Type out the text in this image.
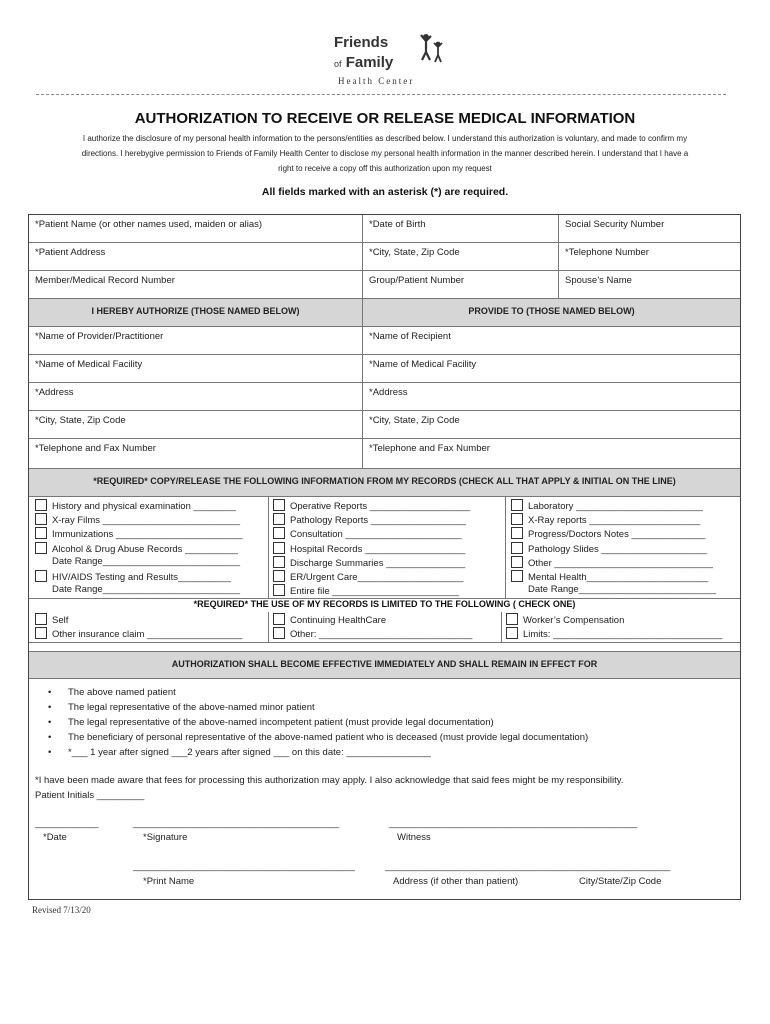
Friends
of Family
Health Center
AUTHORIZATION TO RECEIVE OR RELEASE MEDICAL INFORMATION
I authorize the disclosure of my personal health information to the persons/entities as described below. I understand this authorization is voluntary, and made to confirm my
directions. I herebygive permission to Friends of Family Health Center to disclose my personal health information in the manner described herein. I understand that I have a
right to receive a copy off this authorization upon my request
All fields marked with an asterisk (*) are required.
*Patient Name (or other names used, maiden or alias)	*Date of Birth	Social Security Number
*Patient Address	*City, State, Zip Code	*Telephone Number
Member/Medical Record Number	Group/Patient Number	Spouse’s Name
I HEREBY AUTHORIZE (THOSE NAMED BELOW)	PROVIDE TO (THOSE NAMED BELOW)
*Name of Provider/Practitioner	*Name of Recipient
*Name of Medical Facility	*Name of Medical Facility
*Address	*Address
*City, State, Zip Code	*City, State, Zip Code
*Telephone and Fax Number	*Telephone and Fax Number
*REQUIRED* COPY/RELEASE THE FOLLOWING INFORMATION FROM MY RECORDS (CHECK ALL THAT APPLY & INITIAL ON THE LINE)
History and physical examination ________
X-ray Films __________________________
Immunizations ________________________
Alcohol & Drug Abuse Records __________
Date Range__________________________
HIV/AIDS Testing and Results__________
Date Range__________________________
Operative Reports ___________________
Pathology Reports __________________
Consultation ______________________
Hospital Records ___________________
Discharge Summaries _______________
ER/Urgent Care____________________
Entire file ________________________
Laboratory ________________________
X-Ray reports _____________________
Progress/Doctors Notes ______________
Pathology Slides ____________________
Other ______________________________
Mental Health_______________________
Date Range__________________________
*REQUIRED* THE USE OF MY RECORDS IS LIMITED TO THE FOLLOWING ( CHECK ONE)
Self	Continuing HealthCare	Worker’s Compensation
Other insurance claim __________________	Other: _____________________________	Limits: ________________________________
AUTHORIZATION SHALL BECOME EFFECTIVE IMMEDIATELY AND SHALL REMAIN IN EFFECT FOR
• The above named patient
• The legal representative of the above-named minor patient
• The legal representative of the above-named incompetent patient (must provide legal documentation)
• The beneficiary of personal representative of the above-named patient who is deceased (must provide legal documentation)
• *___ 1 year after signed ___2 years after signed ___ on this date: ________________
*I have been made aware that fees for processing this authorization may apply. I also acknowledge that said fees might be my responsibility.
Patient Initials _________
____________	_______________________________________	_______________________________________________
*Date	*Signature	Witness
__________________________________________	______________________________________________________
*Print Name	Address (if other than patient)	City/State/Zip Code
Revised 7/13/20
